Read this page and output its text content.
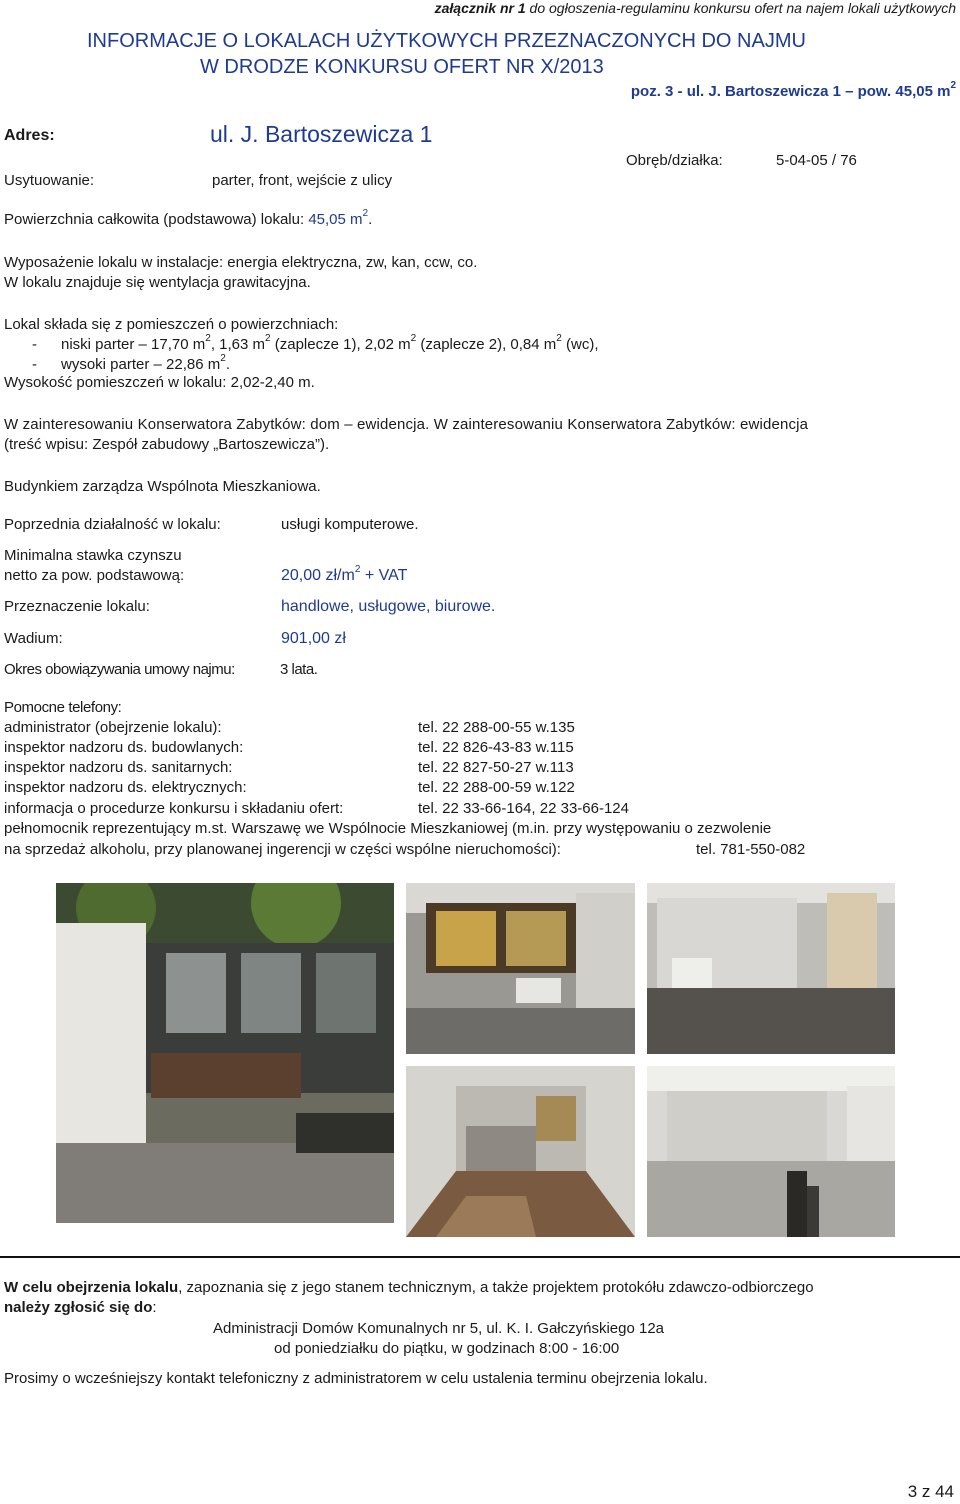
załącznik nr 1 do ogłoszenia-regulaminu konkursu ofert na najem lokali użytkowych
INFORMACJE O LOKALACH UŻYTKOWYCH PRZEZNACZONYCH DO NAJMU
W DRODZE KONKURSU OFERT NR X/2013
poz. 3 - ul. J. Bartoszewicza 1 – pow. 45,05 $m^2$
Adres:	ul. J. Bartoszewicza 1
Usytuowanie:	parter, front, wejście z ulicy
Obręb/działka:	5-04-05 / 76
Powierzchnia całkowita (podstawowa) lokalu: 45,05 $m^2$.
Wyposażenie lokalu w instalacje: energia elektryczna, zw, kan, ccw, co.
W lokalu znajduje się wentylacja grawitacyjna.
Lokal składa się z pomieszczeń o powierzchniach:
- niski parter – 17,70 $m^2$, 1,63 $m^2$ (zaplecze 1), 2,02 $m^2$ (zaplecze 2), 0,84 $m^2$ (wc),
- wysoki parter – 22,86 $m^2$.
Wysokość pomieszczeń w lokalu: 2,02-2,40 m.
W zainteresowaniu Konserwatora Zabytków: dom – ewidencja. W zainteresowaniu Konserwatora Zabytków: ewidencja
(treść wpisu: Zespół zabudowy „Bartoszewicza”).
Budynkiem zarządza Wspólnota Mieszkaniowa.
Poprzednia działalność w lokalu:	usługi komputerowe.
Minimalna stawka czynszu
netto za pow. podstawową:	20,00 $zł/m^2$ + VAT
Przeznaczenie lokalu:	handlowe, usługowe, biurowe.
Wadium:	901,00 zł
Okres obowiązywania umowy najmu:	3 lata.
Pomocne telefony:
administrator (obejrzenie lokalu):	tel. 22 288-00-55 w.135
inspektor nadzoru ds. budowlanych:	tel. 22 826-43-83 w.115
inspektor nadzoru ds. sanitarnych:	tel. 22 827-50-27 w.113
inspektor nadzoru ds. elektrycznych:	tel. 22 288-00-59 w.122
informacja o procedurze konkursu i składaniu ofert:	tel. 22 33-66-164, 22 33-66-124
pełnomocnik reprezentujący m.st. Warszawę we Wspólnocie Mieszkaniowej (m.in. przy występowaniu o zezwolenie
na sprzedaż alkoholu, przy planowanej ingerencji w części wspólne nieruchomości):	tel. 781-550-082
W celu obejrzenia lokalu, zapoznania się z jego stanem technicznym, a także projektem protokółu zdawczo-odbiorczego
należy zgłosić się do:
Administracji Domów Komunalnych nr 5, ul. K. I. Gałczyńskiego 12a
od poniedziałku do piątku, w godzinach 8:00 - 16:00
Prosimy o wcześniejszy kontakt telefoniczny z administratorem w celu ustalenia terminu obejrzenia lokalu.
3 z 44
